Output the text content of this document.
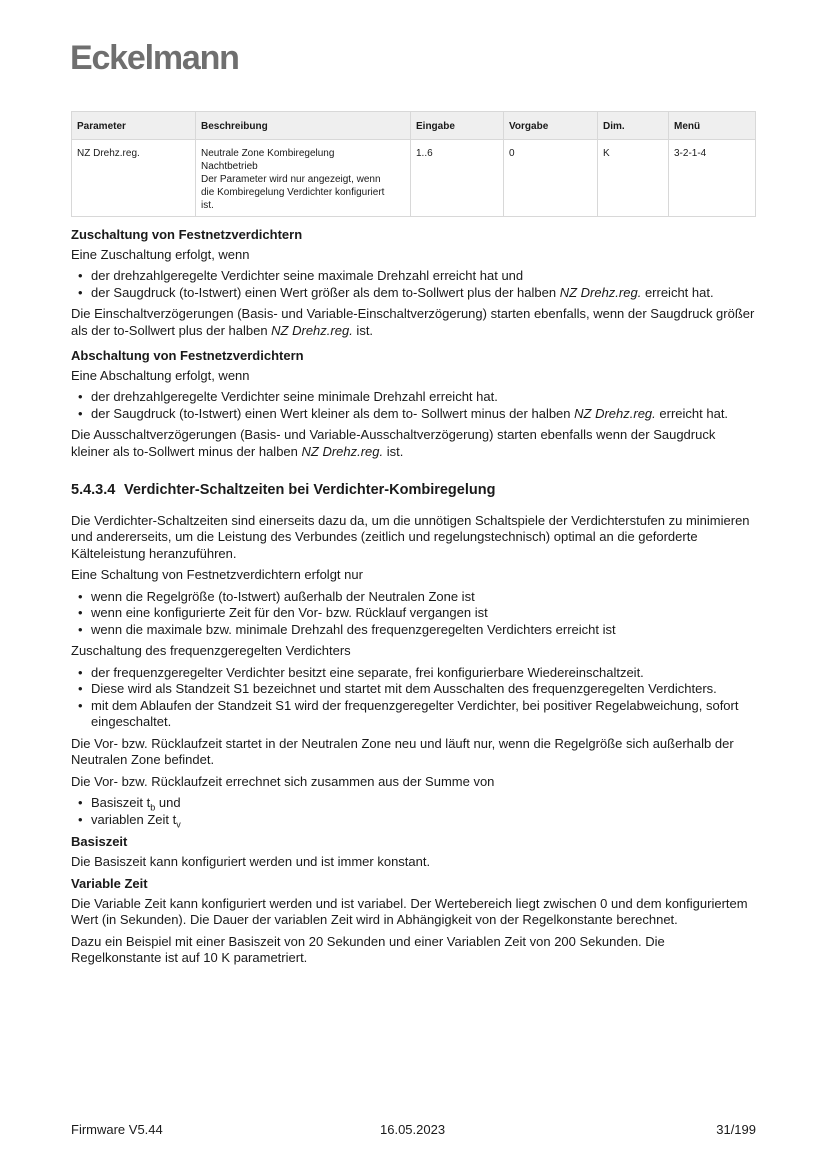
Eckelmann
Parameter	Beschreibung	Eingabe	Vorgabe	Dim.	Menü
NZ Drehz.reg.	Neutrale Zone Kombiregelung
Nachtbetrieb
Der Parameter wird nur angezeigt, wenn
die Kombiregelung Verdichter konfiguriert
ist.	1..6	0	K	3-2-1-4
Zuschaltung von Festnetzverdichtern

Eine Zuschaltung erfolgt, wenn

• der drehzahlgeregelte Verdichter seine maximale Drehzahl erreicht hat und
• der Saugdruck (to-Istwert) einen Wert größer als dem to-Sollwert plus der halben NZ Drehz.reg. erreicht hat.

Die Einschaltverzögerungen (Basis- und Variable-Einschaltverzögerung) starten ebenfalls, wenn der Saugdruck größer als der to-Sollwert plus der halben NZ Drehz.reg. ist.

Abschaltung von Festnetzverdichtern

Eine Abschaltung erfolgt, wenn

• der drehzahlgeregelte Verdichter seine minimale Drehzahl erreicht hat.
• der Saugdruck (to-Istwert) einen Wert kleiner als dem to- Sollwert minus der halben NZ Drehz.reg. erreicht hat.

Die Ausschaltverzögerungen (Basis- und Variable-Ausschaltverzögerung) starten ebenfalls wenn der Saugdruck kleiner als to-Sollwert minus der halben NZ Drehz.reg. ist.

5.4.3.4 Verdichter-Schaltzeiten bei Verdichter-Kombiregelung

Die Verdichter-Schaltzeiten sind einerseits dazu da, um die unnötigen Schaltspiele der Verdichterstufen zu minimieren und andererseits, um die Leistung des Verbundes (zeitlich und regelungstechnisch) optimal an die geforderte Kälteleistung heranzuführen.

Eine Schaltung von Festnetzverdichtern erfolgt nur

• wenn die Regelgröße (to-Istwert) außerhalb der Neutralen Zone ist
• wenn eine konfigurierte Zeit für den Vor- bzw. Rücklauf vergangen ist
• wenn die maximale bzw. minimale Drehzahl des frequenzgeregelten Verdichters erreicht ist

Zuschaltung des frequenzgeregelten Verdichters

• der frequenzgeregelter Verdichter besitzt eine separate, frei konfigurierbare Wiedereinschaltzeit.
• Diese wird als Standzeit S1 bezeichnet und startet mit dem Ausschalten des frequenzgeregelten Verdichters.
• mit dem Ablaufen der Standzeit S1 wird der frequenzgeregelter Verdichter, bei positiver Regelabweichung, sofort eingeschaltet.

Die Vor- bzw. Rücklaufzeit startet in der Neutralen Zone neu und läuft nur, wenn die Regelgröße sich außerhalb der Neutralen Zone befindet.

Die Vor- bzw. Rücklaufzeit errechnet sich zusammen aus der Summe von

• Basiszeit $t_b$ und
• variablen Zeit $t_v$
Basiszeit

Die Basiszeit kann konfiguriert werden und ist immer konstant.

Variable Zeit

Die Variable Zeit kann konfiguriert werden und ist variabel. Der Wertebereich liegt zwischen 0 und dem konfiguriertem Wert (in Sekunden). Die Dauer der variablen Zeit wird in Abhängigkeit von der Regelkonstante berechnet.

Dazu ein Beispiel mit einer Basiszeit von 20 Sekunden und einer Variablen Zeit von 200 Sekunden. Die Regelkonstante ist auf 10 K parametriert.

Firmware V5.44	16.05.2023	31/199
